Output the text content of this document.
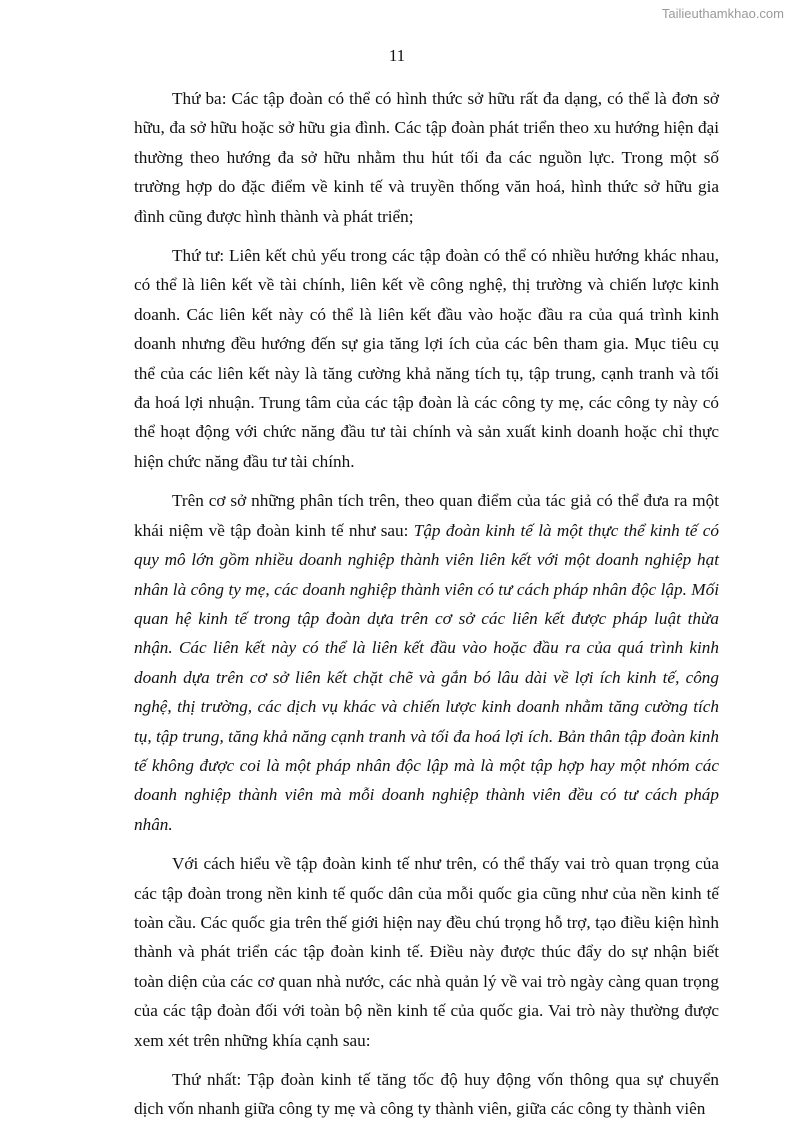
Tailieuthamkhao.com
11

Thứ ba: Các tập đoàn có thể có hình thức sở hữu rất đa dạng, có thể là đơn sở hữu, đa sở hữu hoặc sở hữu gia đình. Các tập đoàn phát triển theo xu hướng hiện đại thường theo hướng đa sở hữu nhằm thu hút tối đa các nguồn lực. Trong một số trường hợp do đặc điểm về kinh tế và truyền thống văn hoá, hình thức sở hữu gia đình cũng được hình thành và phát triển;

Thứ tư: Liên kết chủ yếu trong các tập đoàn có thể có nhiều hướng khác nhau, có thể là liên kết về tài chính, liên kết về công nghệ, thị trường và chiến lược kinh doanh. Các liên kết này có thể là liên kết đầu vào hoặc đầu ra của quá trình kinh doanh nhưng đều hướng đến sự gia tăng lợi ích của các bên tham gia. Mục tiêu cụ thể của các liên kết này là tăng cường khả năng tích tụ, tập trung, cạnh tranh và tối đa hoá lợi nhuận. Trung tâm của các tập đoàn là các công ty mẹ, các công ty này có thể hoạt động với chức năng đầu tư tài chính và sản xuất kinh doanh hoặc chỉ thực hiện chức năng đầu tư tài chính.

Trên cơ sở những phân tích trên, theo quan điểm của tác giả có thể đưa ra một khái niệm về tập đoàn kinh tế như sau: Tập đoàn kinh tế là một thực thể kinh tế có quy mô lớn gồm nhiều doanh nghiệp thành viên liên kết với một doanh nghiệp hạt nhân là công ty mẹ, các doanh nghiệp thành viên có tư cách pháp nhân độc lập. Mối quan hệ kinh tế trong tập đoàn dựa trên cơ sở các liên kết được pháp luật thừa nhận. Các liên kết này có thể là liên kết đầu vào hoặc đầu ra của quá trình kinh doanh dựa trên cơ sở liên kết chặt chẽ và gắn bó lâu dài về lợi ích kinh tế, công nghệ, thị trường, các dịch vụ khác và chiến lược kinh doanh nhằm tăng cường tích tụ, tập trung, tăng khả năng cạnh tranh và tối đa hoá lợi ích. Bản thân tập đoàn kinh tế không được coi là một pháp nhân độc lập mà là một tập hợp hay một nhóm các doanh nghiệp thành viên mà mỗi doanh nghiệp thành viên đều có tư cách pháp nhân.

Với cách hiểu về tập đoàn kinh tế như trên, có thể thấy vai trò quan trọng của các tập đoàn trong nền kinh tế quốc dân của mỗi quốc gia cũng như của nền kinh tế toàn cầu. Các quốc gia trên thế giới hiện nay đều chú trọng hỗ trợ, tạo điều kiện hình thành và phát triển các tập đoàn kinh tế. Điều này được thúc đẩy do sự nhận biết toàn diện của các cơ quan nhà nước, các nhà quản lý về vai trò ngày càng quan trọng của các tập đoàn đối với toàn bộ nền kinh tế của quốc gia. Vai trò này thường được xem xét trên những khía cạnh sau:

Thứ nhất: Tập đoàn kinh tế tăng tốc độ huy động vốn thông qua sự chuyển dịch vốn nhanh giữa công ty mẹ và công ty thành viên, giữa các công ty thành viên
